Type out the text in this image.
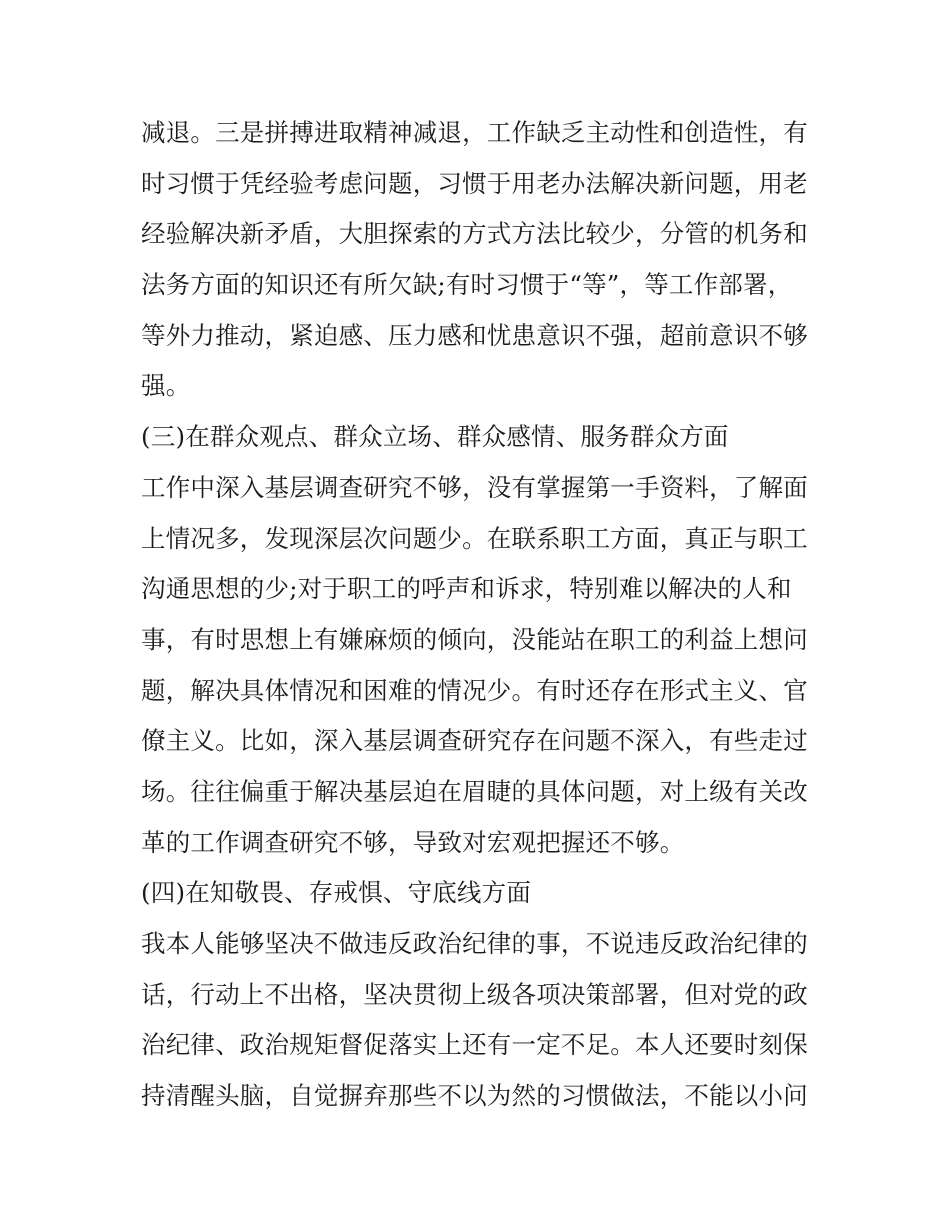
减退。三是拼搏进取精神减退，工作缺乏主动性和创造性，有
时习惯于凭经验考虑问题，习惯于用老办法解决新问题，用老
经验解决新矛盾，大胆探索的方式方法比较少，分管的机务和
法务方面的知识还有所欠缺;有时习惯于“等”，等工作部署，
等外力推动，紧迫感、压力感和忧患意识不强，超前意识不够
强。
(三)在群众观点、群众立场、群众感情、服务群众方面
工作中深入基层调查研究不够，没有掌握第一手资料，了解面
上情况多，发现深层次问题少。在联系职工方面，真正与职工
沟通思想的少;对于职工的呼声和诉求，特别难以解决的人和
事，有时思想上有嫌麻烦的倾向，没能站在职工的利益上想问
题，解决具体情况和困难的情况少。有时还存在形式主义、官
僚主义。比如，深入基层调查研究存在问题不深入，有些走过
场。往往偏重于解决基层迫在眉睫的具体问题，对上级有关改
革的工作调查研究不够，导致对宏观把握还不够。
(四)在知敬畏、存戒惧、守底线方面
我本人能够坚决不做违反政治纪律的事，不说违反政治纪律的
话，行动上不出格，坚决贯彻上级各项决策部署，但对党的政
治纪律、政治规矩督促落实上还有一定不足。本人还要时刻保
持清醒头脑，自觉摒弃那些不以为然的习惯做法，不能以小问
